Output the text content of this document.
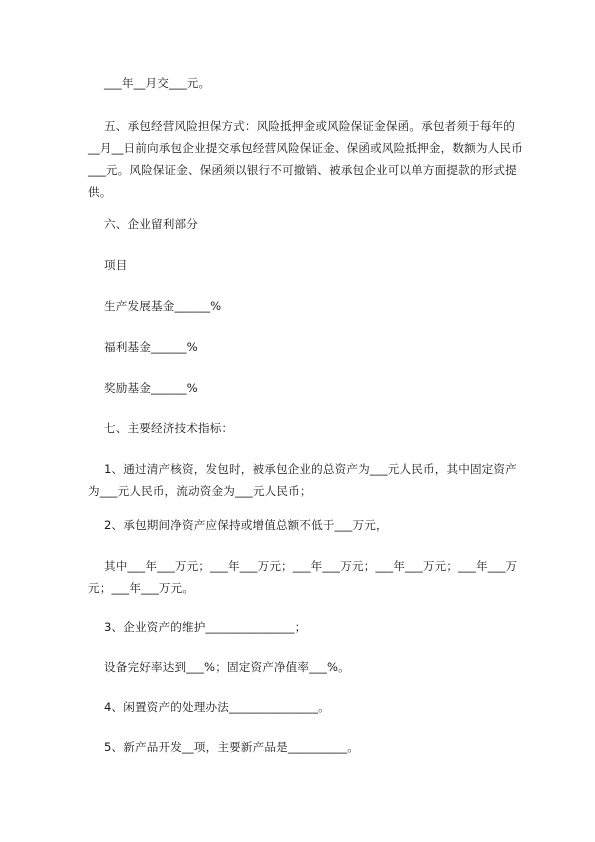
___年__月交___元。
五、承包经营风险担保方式：风险抵押金或风险保证金保函。承包者须于每年的
__月__日前向承包企业提交承包经营风险保证金、保函或风险抵押金，数额为人民币
___元。风险保证金、保函须以银行不可撤销、被承包企业可以单方面提款的形式提
供。
六、企业留利部分
项目
生产发展基金______%
福利基金______%
奖励基金______%
七、主要经济技术指标：
1、通过清产核资，发包时，被承包企业的总资产为___元人民币，其中固定资产
为___元人民币，流动资金为___元人民币；
2、承包期间净资产应保持或增值总额不低于___万元，
其中___年___万元；___年___万元；___年___万元；___年___万元；___年___万
元；___年___万元。
3、企业资产的维护_______________；
设备完好率达到___%；固定资产净值率___%。
4、闲置资产的处理办法_______________。
5、新产品开发__项，主要新产品是__________。
